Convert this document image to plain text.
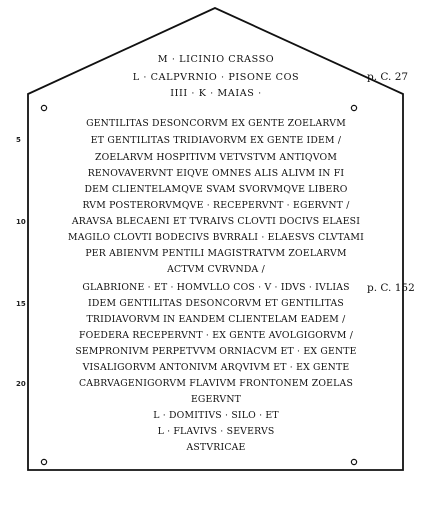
M · LICINIO CRASSO
L · CALPVRNIO · PISONE COS
IIII · K · MAIAS ·
GENTILITAS DESONCORVM EX GENTE ZOELARVM
ET GENTILITAS TRIDIAVORVM EX GENTE IDEM /
ZOELARVM HOSPITIVM VETVSTVM ANTIQVOM
RENOVAVERVNT EIQVE OMNES ALIS ALIVM IN FI
DEM CLIENTELAMQVE SVAM SVORVMQVE LIBERO
RVM POSTERORVMQVE · RECEPERVNT · EGERVNT /
ARAVSA BLECAENI ET TVRAIVS CLOVTI DOCIVS ELAESI
MAGILO CLOVTI BODECIVS BVRRALI · ELAESVS CLVTAMI
PER ABIENVM PENTILI MAGISTRATVM ZOELARVM
ACTVM CVRVNDA /
GLABRIONE · ET · HOMVLLO COS · V · IDVS · IVLIAS
IDEM GENTILITAS DESONCORVM ET GENTILITAS
TRIDIAVORVM IN EANDEM CLIENTELAM EADEM /
FOEDERA RECEPERVNT · EX GENTE AVOLGIGORVM /
SEMPRONIVM PERPETVVM ORNIACVM ET · EX GENTE
VISALIGORVM ANTONIVM ARQVIVM ET · EX GENTE
CABRVAGENIGORVM FLAVIVM FRONTONEM ZOELAS
EGERVNT
L · DOMITIVS · SILO · ET
L · FLAVIVS · SEVERVS
ASTVRICAE
5
10
15
20
p. C. 27
p. C. 152
